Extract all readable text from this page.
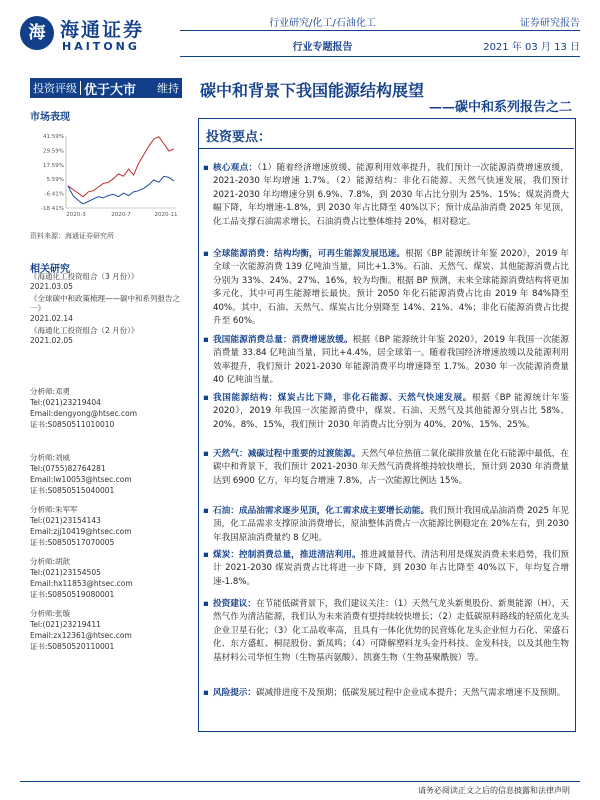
海 海通证券
HAITONG
行业研究/化工/石油化工
行业专题报告
证券研究报告
2021 年 03 月 13 日
投资评级 优于大市 维持 碳中和背景下我国能源结构展望
——碳中和系列报告之二
市场表现
41.59%
29.59%
17.59%
5.59%
-6.41%
-18.41%
2020-3	2020-7	2020-11
资料来源：海通证券研究所
相关研究
《海通化工投资组合（3 月份）》
2021.03.05
《全球碳中和政策梳理——碳中和系列报告之一》
2021.02.14
《海通化工投资组合（2 月份）》
2021.02.05
分析师:邓勇
Tel:(021)23219404
Email:dengyong@htsec.com
证书:S0850511010010
分析师:刘威
Tel:(0755)82764281
Email:lw10053@htsec.com
证书:S0850515040001
分析师:朱军军
Tel:(021)23154143
Email:zjj10419@htsec.com
证书:S0850517070005
分析师:胡歆
Tel:(021)23154505
Email:hx11853@htsec.com
证书:S0850519080001
分析师:张璇
Tel:(021)23219411
Email:zx12361@htsec.com
证书:S0850520110001
投资要点：
▪ 核心观点：（1）随着经济增速放缓、能源利用效率提升，我们预计一次能源消费增速放缓，2021-2030 年均增速 1.7%。（2）能源结构：非化石能源、天然气快速发展，我们预计 2021-2030 年均增速分别 6.9%、7.8%，到 2030 年占比分别为 25%、15%；煤炭消费大幅下降，年均增速-1.8%，到 2030 年占比降至 40%以下；预计成品油消费 2025 年见顶，化工品支撑石油需求增长，石油消费占比整体维持 20%，相对稳定。
▪ 全球能源消费：结构均衡，可再生能源发展迅速。根据《BP 能源统计年鉴 2020》，2019 年全球一次能源消费 139 亿吨油当量，同比+1.3%。石油、天然气、煤炭、其他能源消费占比分别为 33%、24%、27%、16%，较为均衡。根据 BP 预测，未来全球能源消费结构将更加多元化，其中可再生能源增长最快。预计 2050 年化石能源消费占比由 2019 年 84%降至 40%。其中，石油、天然气、煤炭占比分别降至 14%、21%、4%；非化石能源消费占比提升至 60%。
▪ 我国能源消费总量：消费增速放缓。根据《BP 能源统计年鉴 2020》，2019 年我国一次能源消费量 33.84 亿吨油当量，同比+4.4%，居全球第一。随着我国经济增速放缓以及能源利用效率提升，我们预计 2021-2030 年能源消费平均增速降至 1.7%。2030 年一次能源消费量 40 亿吨油当量。
▪ 我国能源结构：煤炭占比下降，非化石能源、天然气快速发展。根据《BP 能源统计年鉴 2020》，2019 年我国一次能源消费中，煤炭、石油、天然气及其他能源分别占比 58%、20%、8%、15%，我们预计 2030 年消费占比分别为 40%、20%、15%、25%。
▪ 天然气：减碳过程中重要的过渡能源。天然气单位热值二氧化碳排放量在化石能源中最低，在碳中和背景下，我们预计 2021-2030 年天然气消费将维持较快增长，预计到 2030 年消费量达到 6900 亿方，年均复合增速 7.8%，占一次能源比例达 15%。
▪ 石油：成品油需求逐步见顶，化工需求成主要增长动能。我们预计我国成品油消费 2025 年见顶，化工品需求支撑原油消费增长，原油整体消费占一次能源比例稳定在 20%左右，到 2030 年我国原油消费量约 8 亿吨。
▪ 煤炭：控制消费总量，推进清洁利用。推进减量替代、清洁利用是煤炭消费未来趋势，我们预计 2021-2030 煤炭消费占比将进一步下降，到 2030 年占比降至 40%以下，年均复合增速-1.8%。
▪ 投资建议：在节能低碳背景下，我们建议关注：（1）天然气龙头新奥股份、新奥能源（H），天然气作为清洁能源，我们认为未来消费有望持续较快增长；（2）走低碳原料路线的轻质化龙头企业卫星石化；（3）化工品收率高，且具有一体化优势的民营炼化龙头企业恒力石化、荣盛石化、东方盛虹、桐昆股份、新凤鸣；（4）可降解塑料龙头金丹科技、金发科技，以及其他生物基材料公司华恒生物（生物基丙氨酸）、凯赛生物（生物基聚酰胺）等。
▪ 风险提示：碳减排进度不及预期；低碳发展过程中企业成本提升；天然气需求增速不及预期。
请务必阅读正文之后的信息披露和法律声明
